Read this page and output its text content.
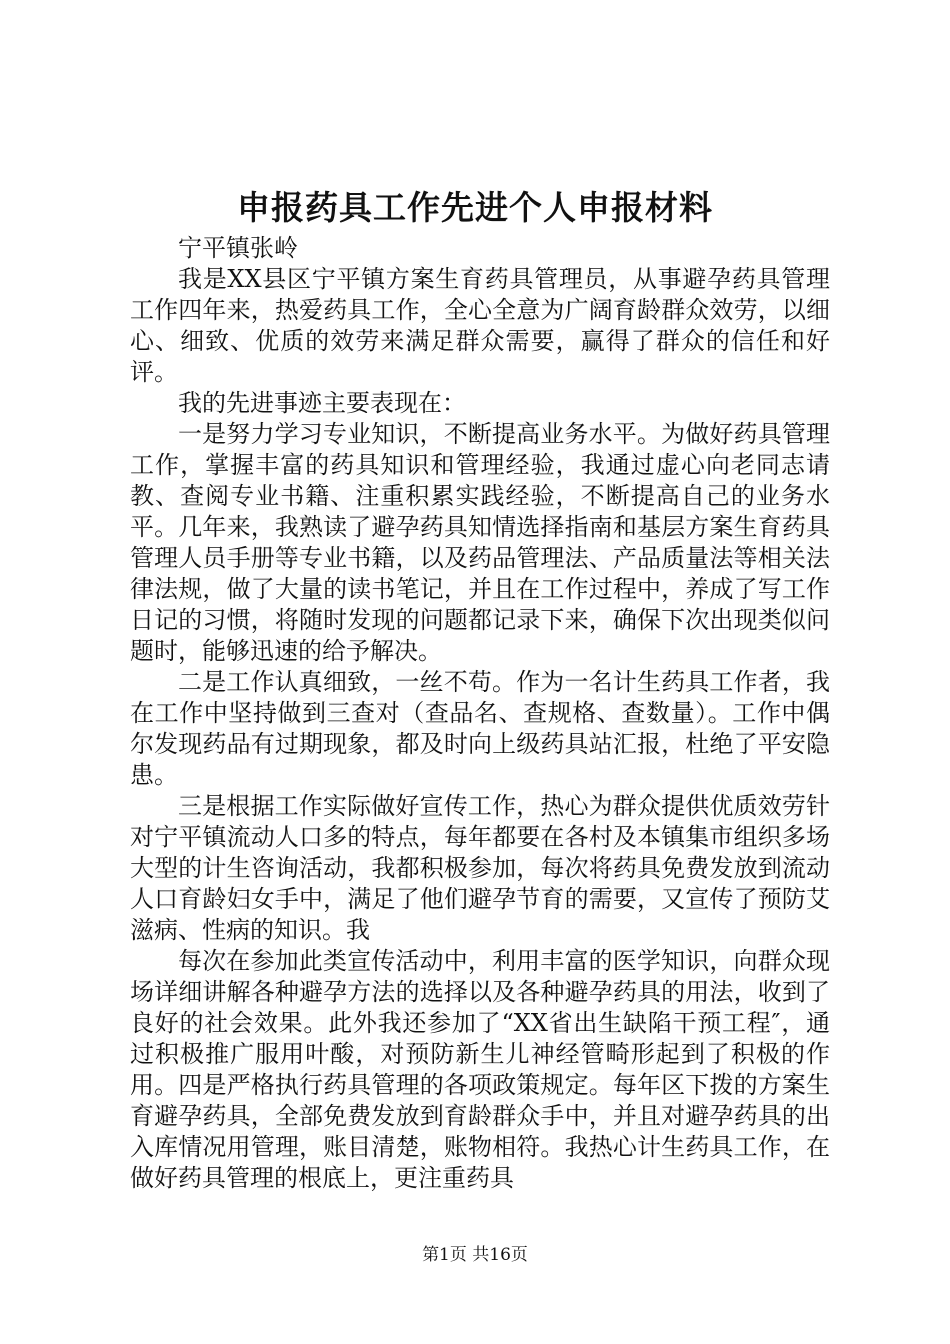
申报药具工作先进个人申报材料

宁平镇张岭

我是XX县区宁平镇方案生育药具管理员，从事避孕药具管理工作四年来，热爱药具工作，全心全意为广阔育龄群众效劳，以细心、细致、优质的效劳来满足群众需要，赢得了群众的信任和好评。

我的先进事迹主要表现在：

一是努力学习专业知识，不断提高业务水平。为做好药具管理工作，掌握丰富的药具知识和管理经验，我通过虚心向老同志请教、查阅专业书籍、注重积累实践经验，不断提高自己的业务水平。几年来，我熟读了避孕药具知情选择指南和基层方案生育药具管理人员手册等专业书籍，以及药品管理法、产品质量法等相关法律法规，做了大量的读书笔记，并且在工作过程中，养成了写工作日记的习惯，将随时发现的问题都记录下来，确保下次出现类似问题时，能够迅速的给予解决。

二是工作认真细致，一丝不苟。作为一名计生药具工作者，我在工作中坚持做到三查对（查品名、查规格、查数量）。工作中偶尔发现药品有过期现象，都及时向上级药具站汇报，杜绝了平安隐患。

三是根据工作实际做好宣传工作，热心为群众提供优质效劳针对宁平镇流动人口多的特点，每年都要在各村及本镇集市组织多场大型的计生咨询活动，我都积极参加，每次将药具免费发放到流动人口育龄妇女手中，满足了他们避孕节育的需要，又宣传了预防艾滋病、性病的知识。我

每次在参加此类宣传活动中，利用丰富的医学知识，向群众现场详细讲解各种避孕方法的选择以及各种避孕药具的用法，收到了良好的社会效果。此外我还参加了“XX省出生缺陷干预工程″，通过积极推广服用叶酸，对预防新生儿神经管畸形起到了积极的作用。四是严格执行药具管理的各项政策规定。每年区下拨的方案生育避孕药具，全部免费发放到育龄群众手中，并且对避孕药具的出入库情况用管理，账目清楚，账物相符。我热心计生药具工作，在做好药具管理的根底上，更注重药具

第1页 共16页
